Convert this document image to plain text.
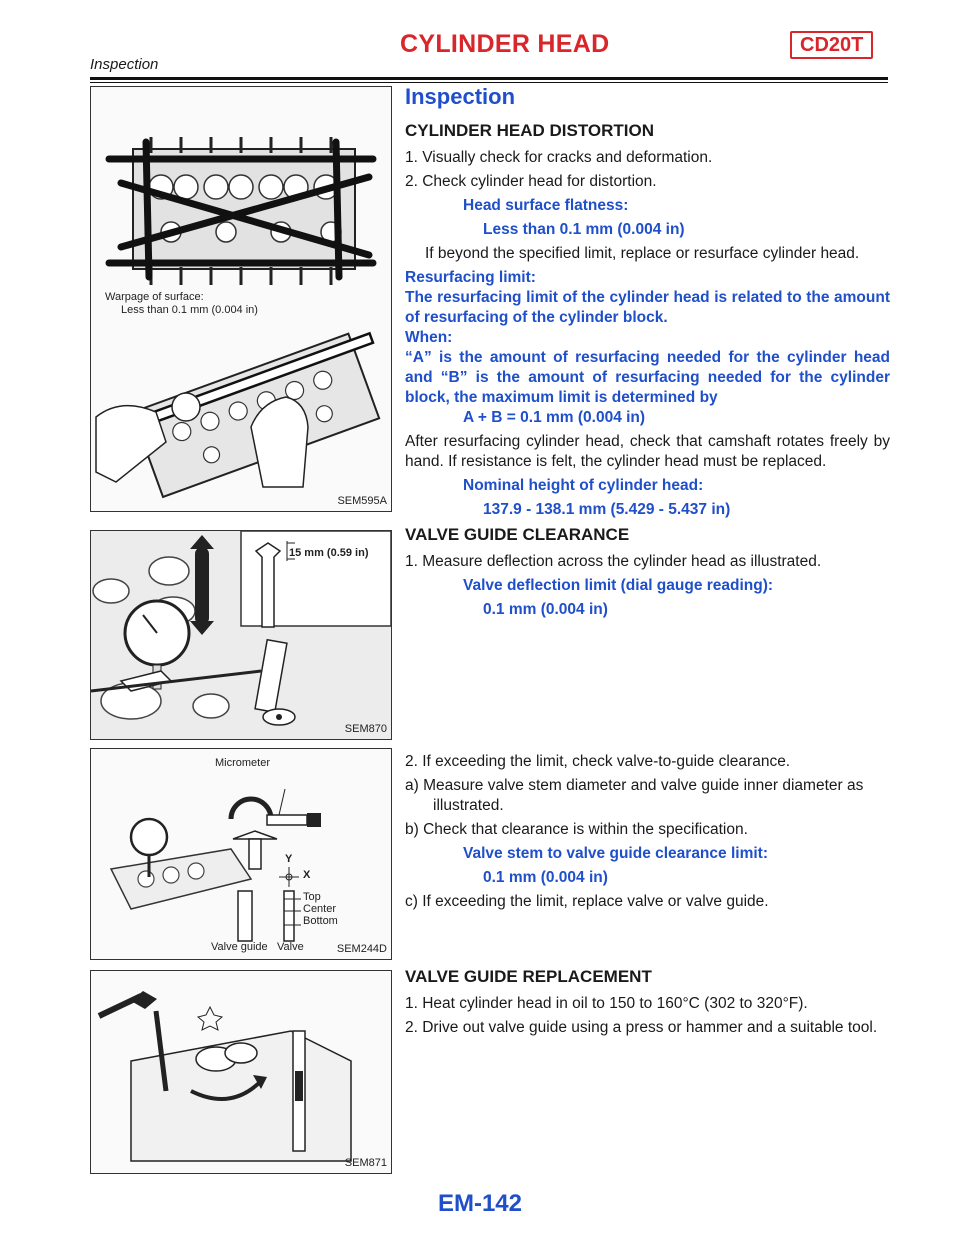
CYLINDER HEAD	CD20T
Inspection
Warpage of surface:
Less than 0.1 mm (0.004 in)
SEM595A
15 mm (0.59 in)
SEM870
Micrometer
Y
X
Top
Center
Bottom
Valve guide Valve	SEM244D
SEM871
Inspection
CYLINDER HEAD DISTORTION

1. Visually check for cracks and deformation.

2. Check cylinder head for distortion.

Head surface flatness:

Less than 0.1 mm (0.004 in)

If beyond the specified limit, replace or resurface cylinder head.

Resurfacing limit:

The resurfacing limit of the cylinder head is related to the amount of resurfacing of the cylinder block.

When:

“A” is the amount of resurfacing needed for the cylinder head and “B” is the amount of resurfacing needed for the cylinder block, the maximum limit is determined by

A + B = 0.1 mm (0.004 in)

After resurfacing cylinder head, check that camshaft rotates freely by hand. If resistance is felt, the cylinder head must be replaced.

Nominal height of cylinder head:

137.9 - 138.1 mm (5.429 - 5.437 in)

VALVE GUIDE CLEARANCE

1. Measure deflection across the cylinder head as illustrated.

Valve deflection limit (dial gauge reading):

0.1 mm (0.004 in)

2. If exceeding the limit, check valve-to-guide clearance.

a) Measure valve stem diameter and valve guide inner diameter as illustrated.

b) Check that clearance is within the specification.

Valve stem to valve guide clearance limit:

0.1 mm (0.004 in)

c) If exceeding the limit, replace valve or valve guide.

VALVE GUIDE REPLACEMENT

1. Heat cylinder head in oil to 150 to 160°C (302 to 320°F).

2. Drive out valve guide using a press or hammer and a suitable tool.

EM-142
